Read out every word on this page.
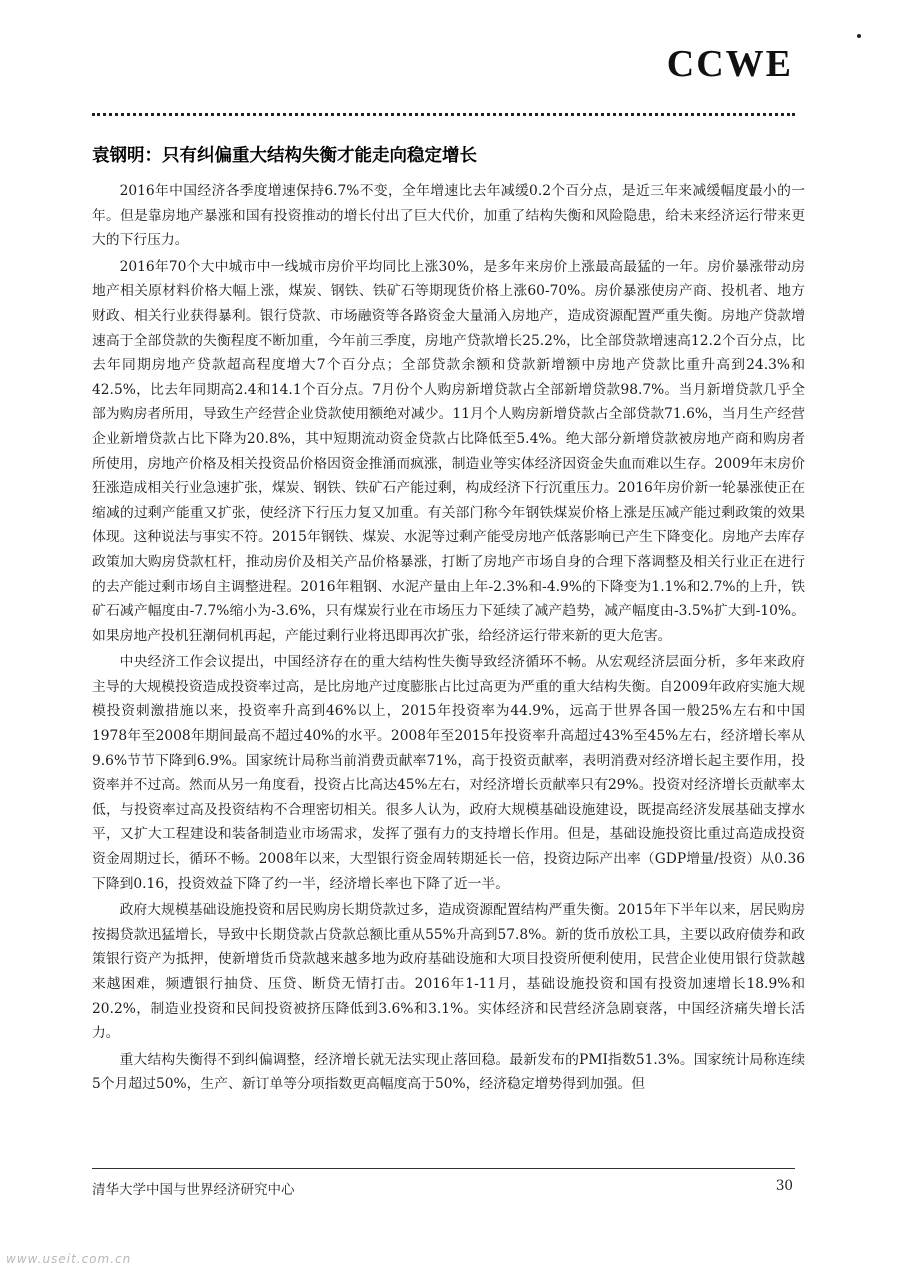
CCWE
袁钢明：只有纠偏重大结构失衡才能走向稳定增长

2016年中国经济各季度增速保持6.7%不变，全年增速比去年减缓0.2个百分点，是近三年来减缓幅度最小的一年。但是靠房地产暴涨和国有投资推动的增长付出了巨大代价，加重了结构失衡和风险隐患，给未来经济运行带来更大的下行压力。

2016年70个大中城市中一线城市房价平均同比上涨30%，是多年来房价上涨最高最猛的一年。房价暴涨带动房地产相关原材料价格大幅上涨，煤炭、钢铁、铁矿石等期现货价格上涨60-70%。房价暴涨使房产商、投机者、地方财政、相关行业获得暴利。银行贷款、市场融资等各路资金大量涌入房地产，造成资源配置严重失衡。房地产贷款增速高于全部贷款的失衡程度不断加重，今年前三季度，房地产贷款增长25.2%，比全部贷款增速高12.2个百分点，比去年同期房地产贷款超高程度增大7个百分点；全部贷款余额和贷款新增额中房地产贷款比重升高到24.3%和42.5%，比去年同期高2.4和14.1个百分点。7月份个人购房新增贷款占全部新增贷款98.7%。当月新增贷款几乎全部为购房者所用，导致生产经营企业贷款使用额绝对减少。11月个人购房新增贷款占全部贷款71.6%，当月生产经营企业新增贷款占比下降为20.8%，其中短期流动资金贷款占比降低至5.4%。绝大部分新增贷款被房地产商和购房者所使用，房地产价格及相关投资品价格因资金推涌而疯涨，制造业等实体经济因资金失血而难以生存。2009年末房价狂涨造成相关行业急速扩张，煤炭、钢铁、铁矿石产能过剩，构成经济下行沉重压力。2016年房价新一轮暴涨使正在缩减的过剩产能重又扩张，使经济下行压力复又加重。有关部门称今年钢铁煤炭价格上涨是压减产能过剩政策的效果体现。这种说法与事实不符。2015年钢铁、煤炭、水泥等过剩产能受房地产低落影响已产生下降变化。房地产去库存政策加大购房贷款杠杆，推动房价及相关产品价格暴涨，打断了房地产市场自身的合理下落调整及相关行业正在进行的去产能过剩市场自主调整进程。2016年粗钢、水泥产量由上年-2.3%和-4.9%的下降变为1.1%和2.7%的上升，铁矿石减产幅度由-7.7%缩小为-3.6%，只有煤炭行业在市场压力下延续了减产趋势，减产幅度由-3.5%扩大到-10%。如果房地产投机狂潮伺机再起，产能过剩行业将迅即再次扩张，给经济运行带来新的更大危害。

中央经济工作会议提出，中国经济存在的重大结构性失衡导致经济循环不畅。从宏观经济层面分析，多年来政府主导的大规模投资造成投资率过高，是比房地产过度膨胀占比过高更为严重的重大结构失衡。自2009年政府实施大规模投资刺激措施以来，投资率升高到46%以上，2015年投资率为44.9%，远高于世界各国一般25%左右和中国1978年至2008年期间最高不超过40%的水平。2008年至2015年投资率升高超过43%至45%左右，经济增长率从9.6%节节下降到6.9%。国家统计局称当前消费贡献率71%，高于投资贡献率，表明消费对经济增长起主要作用，投资率并不过高。然而从另一角度看，投资占比高达45%左右，对经济增长贡献率只有29%。投资对经济增长贡献率太低，与投资率过高及投资结构不合理密切相关。很多人认为，政府大规模基础设施建设，既提高经济发展基础支撑水平，又扩大工程建设和装备制造业市场需求，发挥了强有力的支持增长作用。但是，基础设施投资比重过高造成投资资金周期过长，循环不畅。2008年以来，大型银行资金周转期延长一倍，投资边际产出率（GDP增量/投资）从0.36下降到0.16，投资效益下降了约一半，经济增长率也下降了近一半。

政府大规模基础设施投资和居民购房长期贷款过多，造成资源配置结构严重失衡。2015年下半年以来，居民购房按揭贷款迅猛增长，导致中长期贷款占贷款总额比重从55%升高到57.8%。新的货币放松工具，主要以政府债券和政策银行资产为抵押，使新增货币贷款越来越多地为政府基础设施和大项目投资所便利使用，民营企业使用银行贷款越来越困难，频遭银行抽贷、压贷、断贷无情打击。2016年1-11月，基础设施投资和国有投资加速增长18.9%和20.2%，制造业投资和民间投资被挤压降低到3.6%和3.1%。实体经济和民营经济急剧衰落，中国经济痛失增长活力。

重大结构失衡得不到纠偏调整，经济增长就无法实现止落回稳。最新发布的PMI指数51.3%。国家统计局称连续5个月超过50%，生产、新订单等分项指数更高幅度高于50%，经济稳定增势得到加强。但

清华大学中国与世界经济研究中心	30
www.useit.com.cn
